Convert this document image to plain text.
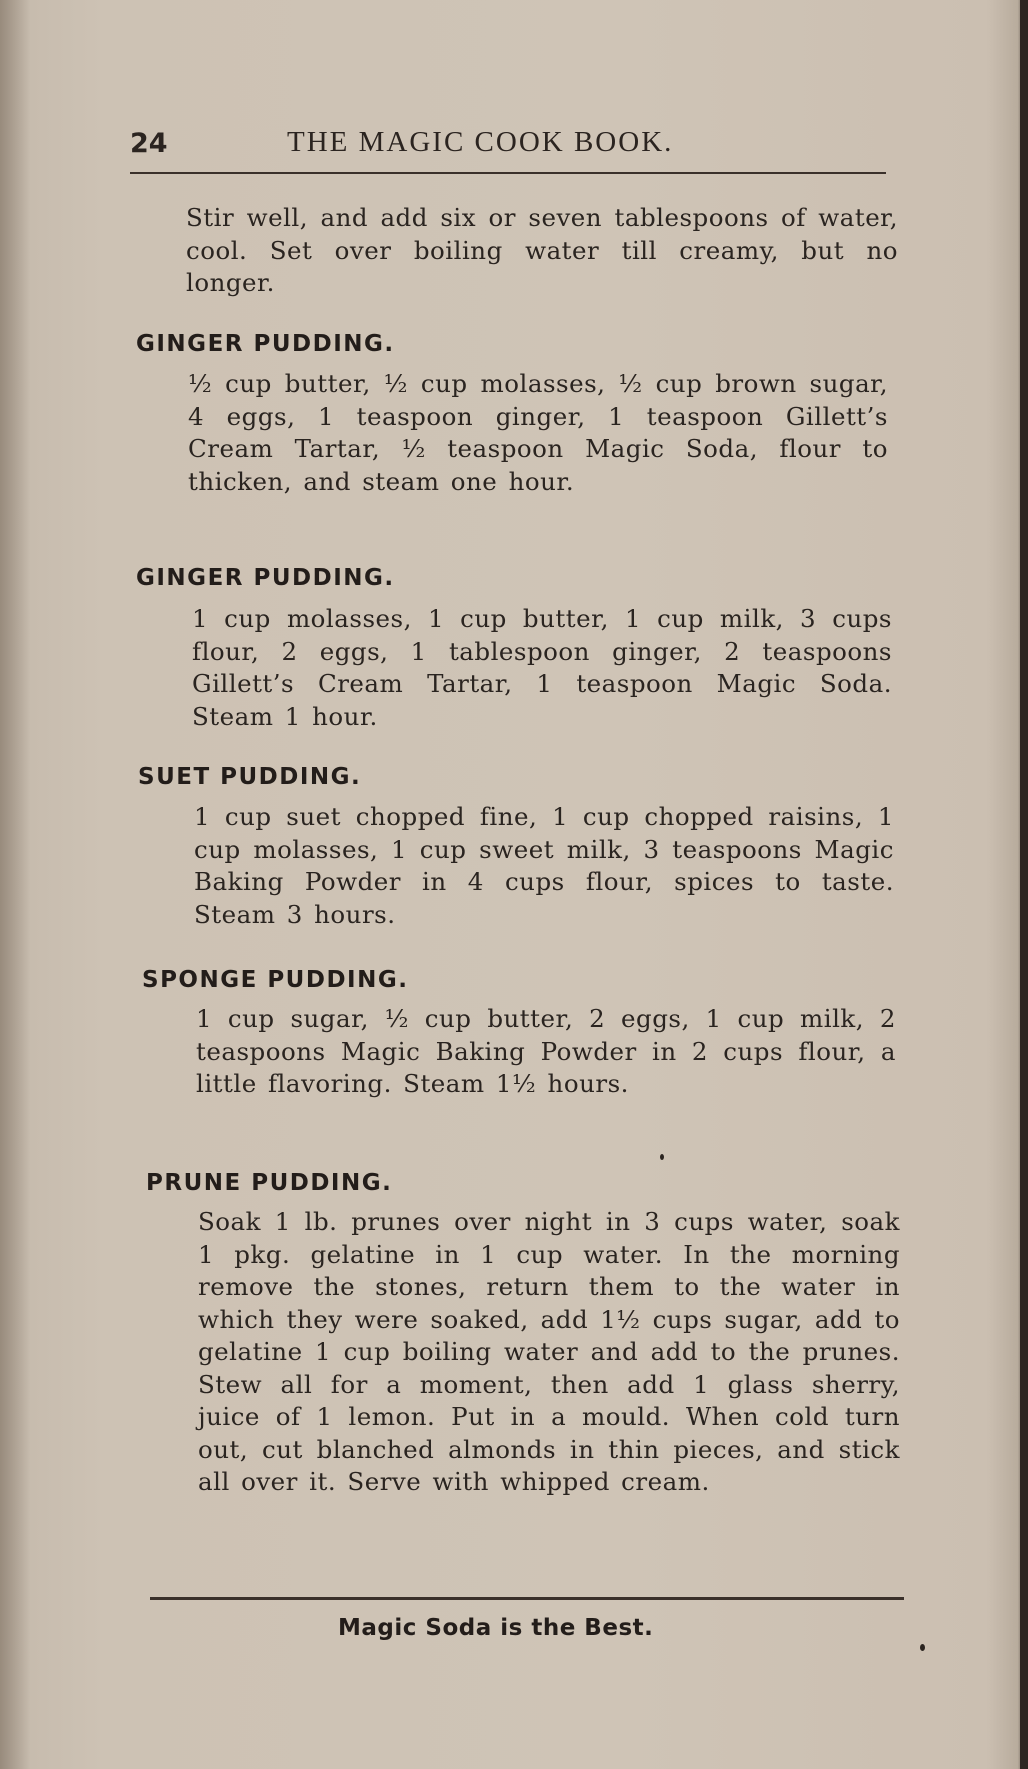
24	THE MAGIC COOK BOOK.

Stir well, and add six or seven tablespoons of water, cool. Set over boiling water till creamy, but no longer.

GINGER PUDDING.

½ cup butter, ½ cup molasses, ½ cup brown sugar, 4 eggs, 1 teaspoon ginger, 1 teaspoon Gillett’s Cream Tartar, ½ teaspoon Magic Soda, flour to thicken, and steam one hour.

GINGER PUDDING.

1 cup molasses, 1 cup butter, 1 cup milk, 3 cups flour, 2 eggs, 1 tablespoon ginger, 2 teaspoons Gillett’s Cream Tartar, 1 teaspoon Magic Soda. Steam 1 hour.

SUET PUDDING.

1 cup suet chopped fine, 1 cup chopped raisins, 1 cup molasses, 1 cup sweet milk, 3 teaspoons Magic Baking Powder in 4 cups flour, spices to taste. Steam 3 hours.

SPONGE PUDDING.

1 cup sugar, ½ cup butter, 2 eggs, 1 cup milk, 2 teaspoons Magic Baking Powder in 2 cups flour, a little flavoring. Steam 1½ hours.

PRUNE PUDDING.

Soak 1 lb. prunes over night in 3 cups water, soak 1 pkg. gelatine in 1 cup water. In the morning remove the stones, return them to the water in which they were soaked, add 1½ cups sugar, add to gelatine 1 cup boiling water and add to the prunes. Stew all for a moment, then add 1 glass sherry, juice of 1 lemon. Put in a mould. When cold turn out, cut blanched almonds in thin pieces, and stick all over it. Serve with whipped cream.

Magic Soda is the Best.
